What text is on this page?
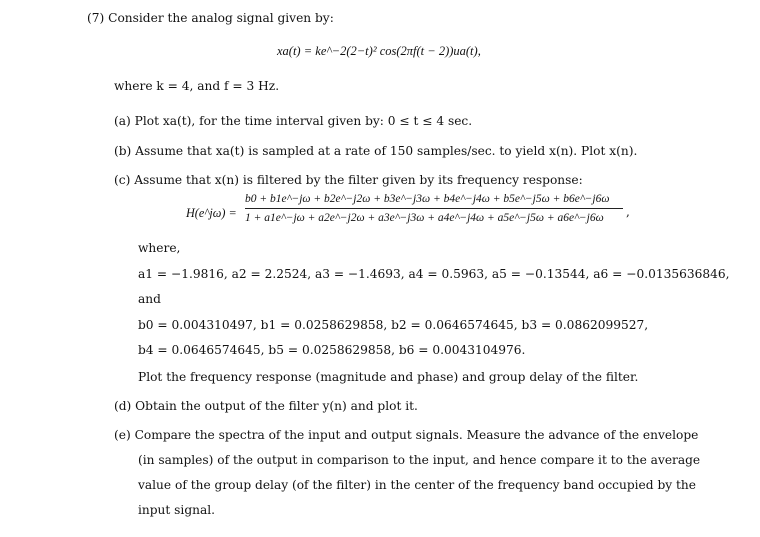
(7) Consider the analog signal given by:
xa(t) = ke^−2(2−t)² cos(2πf(t − 2))ua(t),
where k = 4, and f = 3 Hz.
(a) Plot xa(t), for the time interval given by: 0 ≤ t ≤ 4 sec.
(b) Assume that xa(t) is sampled at a rate of 150 samples/sec. to yield x(n). Plot x(n).
(c) Assume that x(n) is filtered by the filter given by its frequency response:
H(e^jω) =
b0 + b1e^−jω + b2e^−j2ω + b3e^−j3ω + b4e^−j4ω + b5e^−j5ω + b6e^−j6ω
1 + a1e^−jω + a2e^−j2ω + a3e^−j3ω + a4e^−j4ω + a5e^−j5ω + a6e^−j6ω ,
where,
a1 = −1.9816, a2 = 2.2524, a3 = −1.4693, a4 = 0.5963, a5 = −0.13544, a6 = −0.0135636846,
and
b0 = 0.004310497, b1 = 0.0258629858, b2 = 0.0646574645, b3 = 0.0862099527,
b4 = 0.0646574645, b5 = 0.0258629858, b6 = 0.0043104976.
Plot the frequency response (magnitude and phase) and group delay of the filter.
(d) Obtain the output of the filter y(n) and plot it.
(e) Compare the spectra of the input and output signals. Measure the advance of the envelope
(in samples) of the output in comparison to the input, and hence compare it to the average
value of the group delay (of the filter) in the center of the frequency band occupied by the
input signal.
